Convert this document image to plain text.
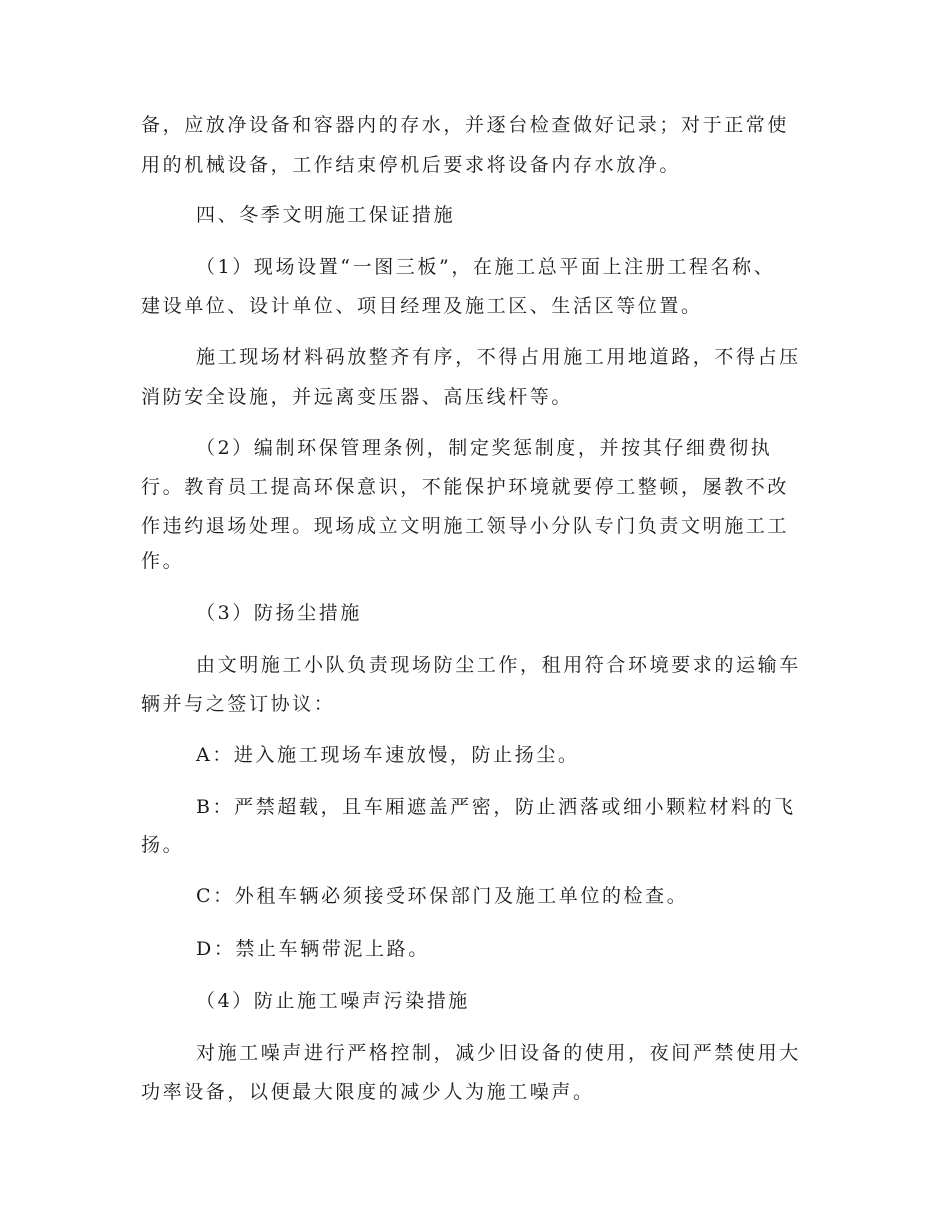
备，应放净设备和容器内的存水，并逐台检查做好记录；对于正常使
用的机械设备，工作结束停机后要求将设备内存水放净。
四、冬季文明施工保证措施
（1）现场设置“一图三板”，在施工总平面上注册工程名称、
建设单位、设计单位、项目经理及施工区、生活区等位置。
施工现场材料码放整齐有序，不得占用施工用地道路，不得占压
消防安全设施，并远离变压器、高压线杆等。
（2）编制环保管理条例，制定奖惩制度，并按其仔细费彻执
行。教育员工提高环保意识，不能保护环境就要停工整顿，屡教不改
作违约退场处理。现场成立文明施工领导小分队专门负责文明施工工
作。
（3）防扬尘措施
由文明施工小队负责现场防尘工作，租用符合环境要求的运输车
辆并与之签订协议：
A：进入施工现场车速放慢，防止扬尘。
B：严禁超载，且车厢遮盖严密，防止洒落或细小颗粒材料的飞
扬。
C：外租车辆必须接受环保部门及施工单位的检查。
D：禁止车辆带泥上路。
（4）防止施工噪声污染措施
对施工噪声进行严格控制，减少旧设备的使用，夜间严禁使用大
功率设备，以便最大限度的减少人为施工噪声。
